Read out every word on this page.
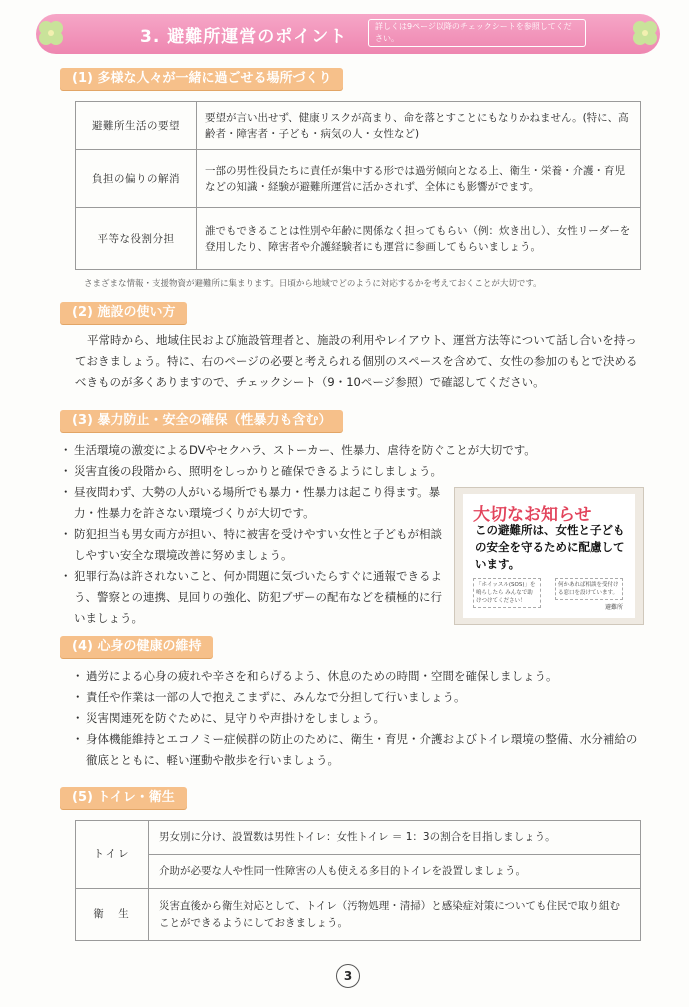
3. 避難所運営のポイント
詳しくは9ページ以降のチェックシートを参照してください。
(1) 多様な人々が一緒に過ごせる場所づくり
避難所生活の要望	要望が言い出せず、健康リスクが高まり、命を落とすことにもなりかねません。(特に、高齢者・障害者・子ども・病気の人・女性など)
負担の偏りの解消	一部の男性役員たちに責任が集中する形では過労傾向となる上、衛生・栄養・介護・育児などの知識・経験が避難所運営に活かされず、全体にも影響がでます。
平等な役割分担	誰でもできることは性別や年齢に関係なく担ってもらい（例：炊き出し）、女性リーダーを登用したり、障害者や介護経験者にも運営に参画してもらいましょう。
さまざまな情報・支援物資が避難所に集まります。日頃から地域でどのように対応するかを考えておくことが大切です。
(2) 施設の使い方
平常時から、地域住民および施設管理者と、施設の利用やレイアウト、運営方法等について話し合いを持っておきましょう。特に、右のページの必要と考えられる個別のスペースを含めて、女性の参加のもとで決めるべきものが多くありますので、チェックシート（9・10ページ参照）で確認してください。
(3) 暴力防止・安全の確保（性暴力も含む）
・ 生活環境の激変によるDVやセクハラ、ストーカー、性暴力、虐待を防ぐことが大切です。
・ 災害直後の段階から、照明をしっかりと確保できるようにしましょう。
・ 昼夜問わず、大勢の人がいる場所でも暴力・性暴力は起こり得ます。暴力・性暴力を許さない環境づくりが大切です。
・ 防犯担当も男女両方が担い、特に被害を受けやすい女性と子どもが相談しやすい安全な環境改善に努めましょう。
・ 犯罪行為は許されないこと、何か問題に気づいたらすぐに通報できるよう、警察との連携、見回りの強化、防犯ブザーの配布などを積極的に行いましょう。
大切なお知らせ
この避難所は、女性と子どもの安全を守るために配慮しています。
「ホイッスル(SOS)」を鳴らしたら みんなで助けつけてください！
何かあれば相談を受付ける窓口を設けています。
避難所
(4) 心身の健康の維持
・ 過労による心身の疲れや辛さを和らげるよう、休息のための時間・空間を確保しましょう。
・ 責任や作業は一部の人で抱えこまずに、みんなで分担して行いましょう。
・ 災害関連死を防ぐために、見守りや声掛けをしましょう。
・ 身体機能維持とエコノミー症候群の防止のために、衛生・育児・介護およびトイレ環境の整備、水分補給の徹底とともに、軽い運動や散歩を行いましょう。
(5) トイレ・衛生
トイレ	男女別に分け、設置数は男性トイレ：女性トイレ ＝ 1：3の割合を目指しましょう。
	介助が必要な人や性同一性障害の人も使える多目的トイレを設置しましょう。
衛　生	災害直後から衛生対応として、トイレ（汚物処理・清掃）と感染症対策についても住民で取り組むことができるようにしておきましょう。
3
